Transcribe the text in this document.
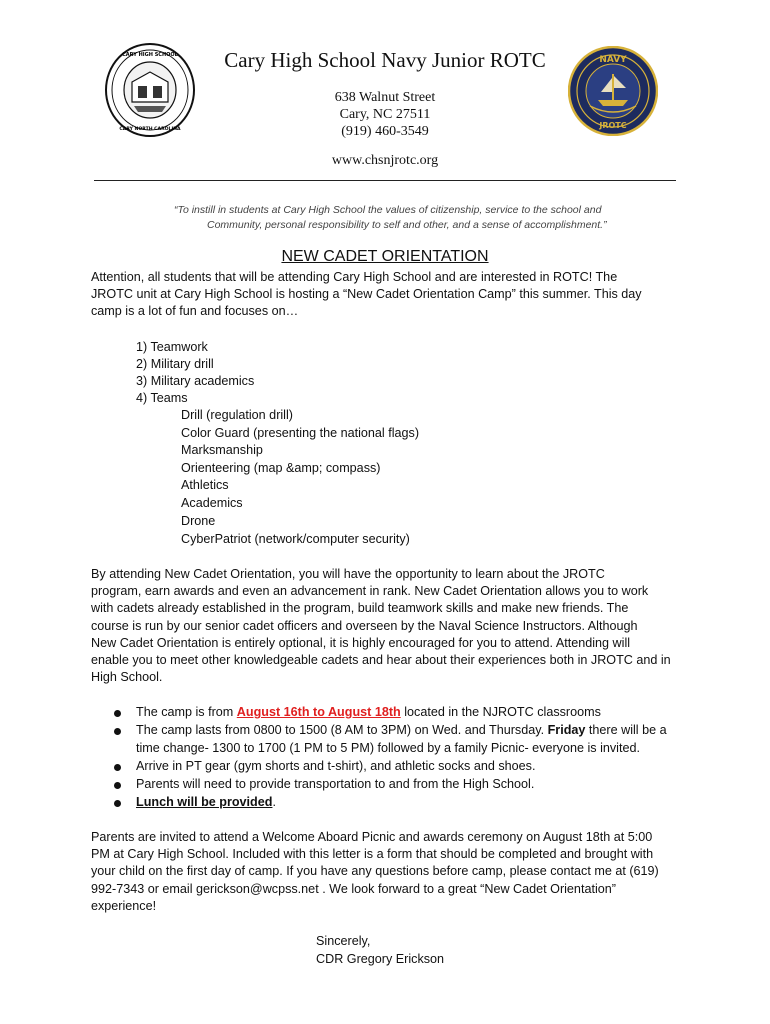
CARY HIGH SCHOOL
CARY NORTH CAROLINA
NAVY
JROTC
Cary High School Navy Junior ROTC
638 Walnut Street
Cary, NC 27511
(919) 460-3549
www.chsnjrotc.org
“To instill in students at Cary High School the values of citizenship, service to the school and
Community, personal responsibility to self and other, and a sense of accomplishment.”
NEW CADET ORIENTATION
Attention, all students that will be attending Cary High School and are interested in ROTC! The
JROTC unit at Cary High School is hosting a “New Cadet Orientation Camp” this summer. This day
camp is a lot of fun and focuses on…
1) Teamwork
2) Military drill
3) Military academics
4) Teams
Drill (regulation drill)
Color Guard (presenting the national flags)
Marksmanship
Orienteering (map &amp; compass)
Athletics
Academics
Drone
CyberPatriot (network/computer security)
By attending New Cadet Orientation, you will have the opportunity to learn about the JROTC
program, earn awards and even an advancement in rank. New Cadet Orientation allows you to work
with cadets already established in the program, build teamwork skills and make new friends. The
course is run by our senior cadet officers and overseen by the Naval Science Instructors. Although
New Cadet Orientation is entirely optional, it is highly encouraged for you to attend. Attending will
enable you to meet other knowledgeable cadets and hear about their experiences both in JROTC and in
High School.
The camp is from August 16th to August 18th located in the NJROTC classrooms
The camp lasts from 0800 to 1500 (8 AM to 3PM) on Wed. and Thursday. Friday there will be a
time change- 1300 to 1700 (1 PM to 5 PM) followed by a family Picnic- everyone is invited.
Arrive in PT gear (gym shorts and t-shirt), and athletic socks and shoes.
Parents will need to provide transportation to and from the High School.
Lunch will be provided.
Parents are invited to attend a Welcome Aboard Picnic and awards ceremony on August 18th at 5:00
PM at Cary High School. Included with this letter is a form that should be completed and brought with
your child on the first day of camp. If you have any questions before camp, please contact me at (619)
992-7343 or email gerickson@wcpss.net . We look forward to a great “New Cadet Orientation”
experience!
Sincerely,
CDR Gregory Erickson
